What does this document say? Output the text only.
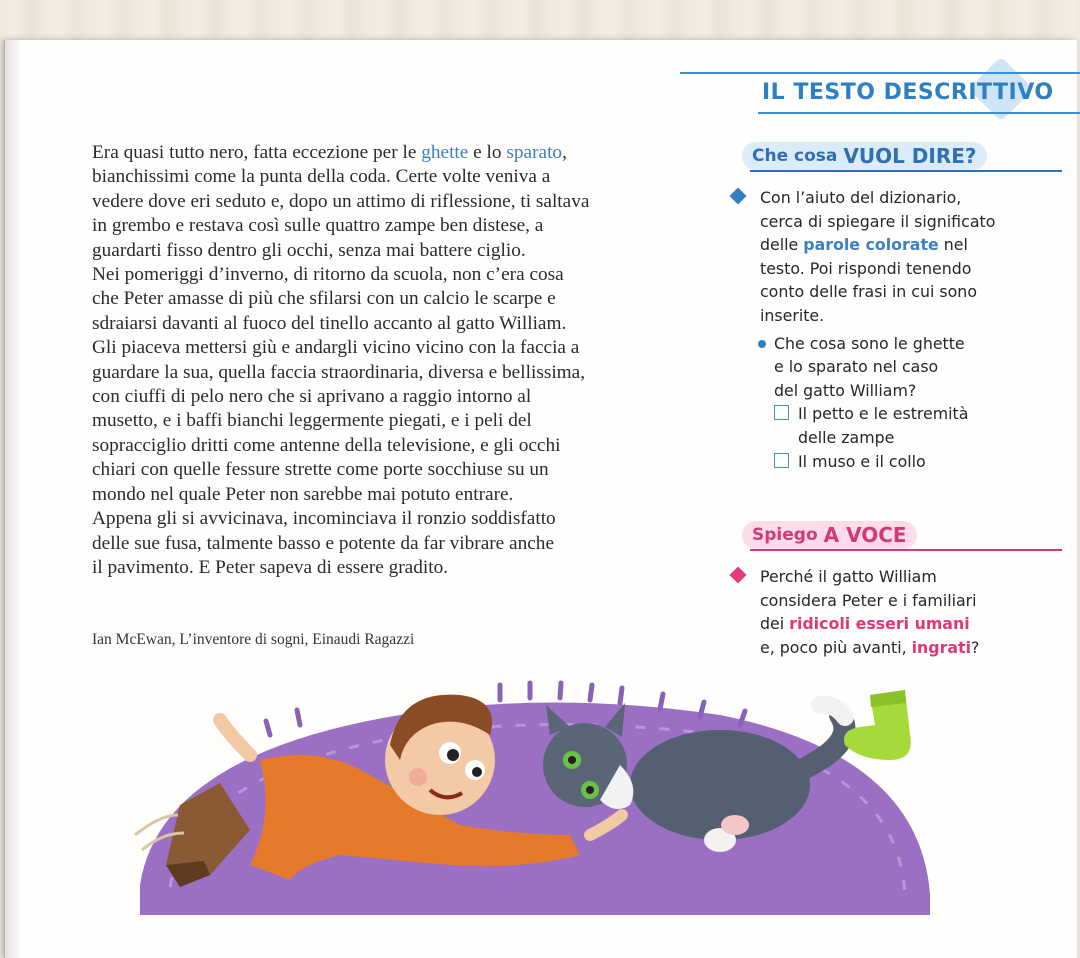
IL TESTO DESCRITTIVO

Era quasi tutto nero, fatta eccezione per le ghette e lo sparato,

bianchissimi come la punta della coda. Certe volte veniva a

vedere dove eri seduto e, dopo un attimo di riflessione, ti saltava

in grembo e restava così sulle quattro zampe ben distese, a

guardarti fisso dentro gli occhi, senza mai battere ciglio.

Nei pomeriggi d’inverno, di ritorno da scuola, non c’era cosa

che Peter amasse di più che sfilarsi con un calcio le scarpe e

sdraiarsi davanti al fuoco del tinello accanto al gatto William.

Gli piaceva mettersi giù e andargli vicino vicino con la faccia a

guardare la sua, quella faccia straordinaria, diversa e bellissima,

con ciuffi di pelo nero che si aprivano a raggio intorno al

musetto, e i baffi bianchi leggermente piegati, e i peli del

sopracciglio dritti come antenne della televisione, e gli occhi

chiari con quelle fessure strette come porte socchiuse su un

mondo nel quale Peter non sarebbe mai potuto entrare.

Appena gli si avvicinava, incominciava il ronzio soddisfatto

delle sue fusa, talmente basso e potente da far vibrare anche

il pavimento. E Peter sapeva di essere gradito.

Ian McEwan, L’inventore di sogni, Einaudi Ragazzi
Che cosa VUOL DIRE?
Con l’aiuto del dizionario,
cerca di spiegare il significato
delle parole colorate nel
testo. Poi rispondi tenendo
conto delle frasi in cui sono
inserite.
Che cosa sono le ghette
e lo sparato nel caso
del gatto William?
Il petto e le estremità
delle zampe
Il muso e il collo
Spiego A VOCE
Perché il gatto William
considera Peter e i familiari
dei ridicoli esseri umani
e, poco più avanti, ingrati?
